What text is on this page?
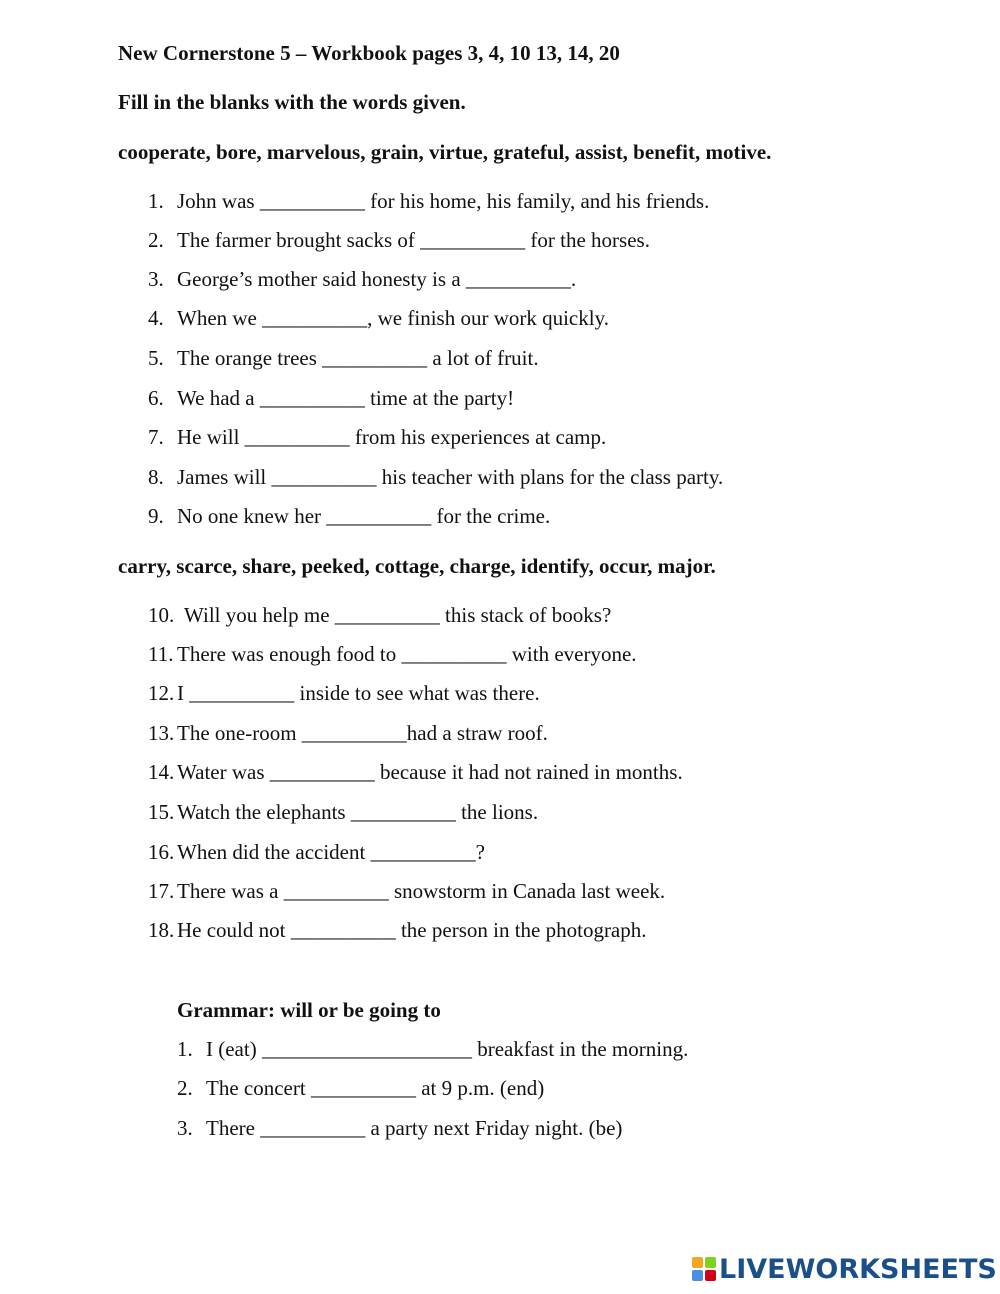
New Cornerstone 5 – Workbook pages 3, 4, 10 13, 14, 20
Fill in the blanks with the words given.
cooperate, bore, marvelous, grain, virtue, grateful, assist, benefit, motive.
1. John was __________ for his home, his family, and his friends.
2. The farmer brought sacks of __________ for the horses.
3. George’s mother said honesty is a __________.
4. When we __________, we finish our work quickly.
5. The orange trees __________ a lot of fruit.
6. We had a __________ time at the party!
7. He will __________ from his experiences at camp.
8. James will __________ his teacher with plans for the class party.
9. No one knew her __________ for the crime.
carry, scarce, share, peeked, cottage, charge, identify, occur, major.
10. Will you help me __________ this stack of books?
11. There was enough food to __________ with everyone.
12. I __________ inside to see what was there.
13. The one-room __________had a straw roof.
14. Water was __________ because it had not rained in months.
15. Watch the elephants __________ the lions.
16. When did the accident __________?
17. There was a __________ snowstorm in Canada last week.
18. He could not __________ the person in the photograph.
Grammar: will or be going to
1. I (eat) ____________________ breakfast in the morning.
2. The concert __________ at 9 p.m. (end)
3. There __________ a party next Friday night. (be)
LIVEWORKSHEETS
